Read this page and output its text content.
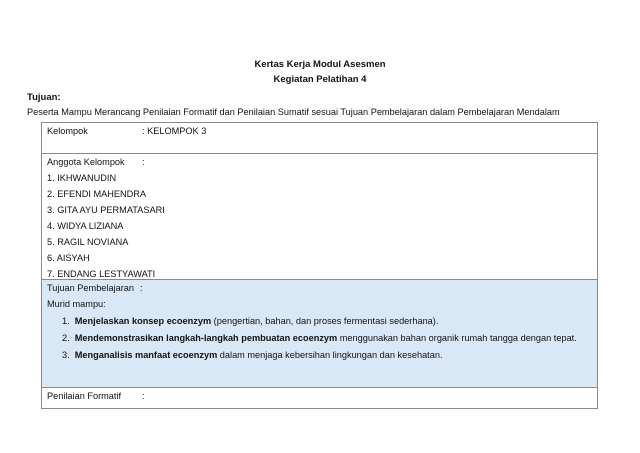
Kertas Kerja Modul Asesmen
Kegiatan Pelatihan 4
Tujuan:
Peserta Mampu Merancang Penilaian Formatif dan Penilaian Sumatif sesuai Tujuan Pembelajaran dalam Pembelajaran Mendalam
Kelompok	: KELOMPOK 3
Anggota Kelompok :
1. IKHWANUDIN
2. EFENDI MAHENDRA
3. GITA AYU PERMATASARI
4. WIDYA LIZIANA
5. RAGIL NOVIANA
6. AISYAH
7. ENDANG LESTYAWATI
Tujuan Pembelajaran :
Murid mampu:
1. Menjelaskan konsep ecoenzym (pengertian, bahan, dan proses fermentasi sederhana).
2. Mendemonstrasikan langkah-langkah pembuatan ecoenzym menggunakan bahan organik rumah tangga dengan tepat.
3. Menganalisis manfaat ecoenzym dalam menjaga kebersihan lingkungan dan kesehatan.
Penilaian Formatif :
